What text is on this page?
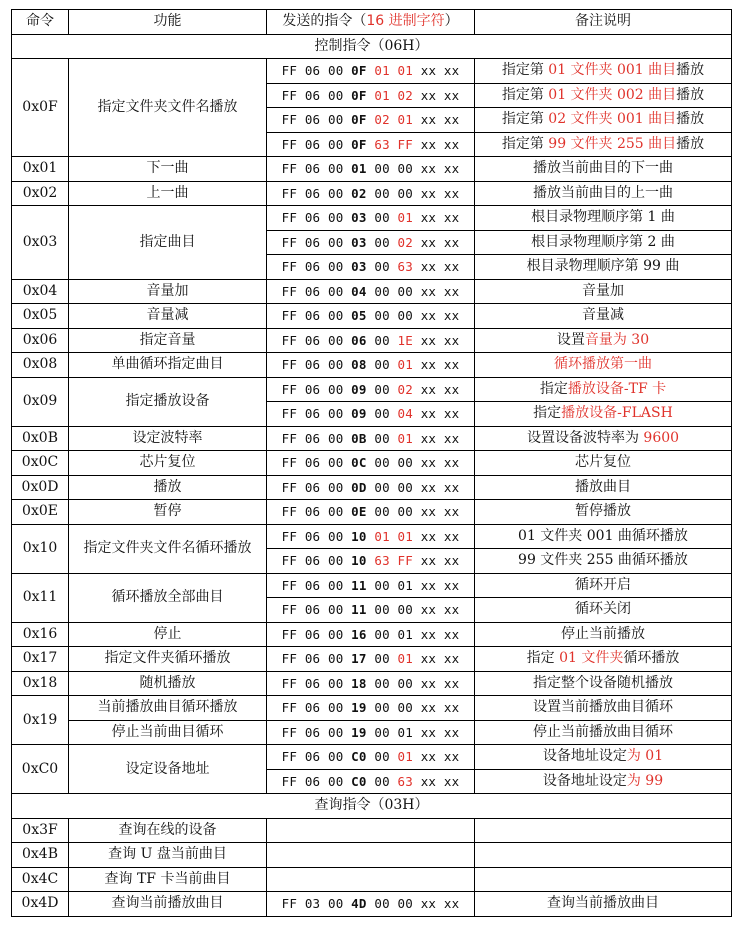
命令	功能	发送的指令（16 进制字符）	备注说明
控制指令（06H）			
0x0F	指定文件夹文件名播放	FF 06 00 0F 01 01 xx xx	指定第 01 文件夹 001 曲目播放
		FF 06 00 0F 01 02 xx xx	指定第 01 文件夹 002 曲目播放
		FF 06 00 0F 02 01 xx xx	指定第 02 文件夹 001 曲目播放
		FF 06 00 0F 63 FF xx xx	指定第 99 文件夹 255 曲目播放
0x01	下一曲	FF 06 00 01 00 00 xx xx	播放当前曲目的下一曲
0x02	上一曲	FF 06 00 02 00 00 xx xx	播放当前曲目的上一曲
0x03	指定曲目	FF 06 00 03 00 01 xx xx	根目录物理顺序第 1 曲
		FF 06 00 03 00 02 xx xx	根目录物理顺序第 2 曲
		FF 06 00 03 00 63 xx xx	根目录物理顺序第 99 曲
0x04	音量加	FF 06 00 04 00 00 xx xx	音量加
0x05	音量减	FF 06 00 05 00 00 xx xx	音量减
0x06	指定音量	FF 06 00 06 00 1E xx xx	设置音量为 30
0x08	单曲循环指定曲目	FF 06 00 08 00 01 xx xx	循环播放第一曲
0x09	指定播放设备	FF 06 00 09 00 02 xx xx	指定播放设备-TF 卡
		FF 06 00 09 00 04 xx xx	指定播放设备-FLASH
0x0B	设定波特率	FF 06 00 0B 00 01 xx xx	设置设备波特率为 9600
0x0C	芯片复位	FF 06 00 0C 00 00 xx xx	芯片复位
0x0D	播放	FF 06 00 0D 00 00 xx xx	播放曲目
0x0E	暂停	FF 06 00 0E 00 00 xx xx	暂停播放
0x10	指定文件夹文件名循环播放	FF 06 00 10 01 01 xx xx	01 文件夹 001 曲循环播放
		FF 06 00 10 63 FF xx xx	99 文件夹 255 曲循环播放
0x11	循环播放全部曲目	FF 06 00 11 00 01 xx xx	循环开启
		FF 06 00 11 00 00 xx xx	循环关闭
0x16	停止	FF 06 00 16 00 01 xx xx	停止当前播放
0x17	指定文件夹循环播放	FF 06 00 17 00 01 xx xx	指定 01 文件夹循环播放
0x18	随机播放	FF 06 00 18 00 00 xx xx	指定整个设备随机播放
0x19	当前播放曲目循环播放	FF 06 00 19 00 00 xx xx	设置当前播放曲目循环
	停止当前曲目循环	FF 06 00 19 00 01 xx xx	停止当前播放曲目循环
0xC0	设定设备地址	FF 06 00 C0 00 01 xx xx	设备地址设定为 01
		FF 06 00 C0 00 63 xx xx	设备地址设定为 99
查询指令（03H）			
0x3F	查询在线的设备		
0x4B	查询 U 盘当前曲目		
0x4C	查询 TF 卡当前曲目		
0x4D	查询当前播放曲目	FF 03 00 4D 00 00 xx xx	查询当前播放曲目
